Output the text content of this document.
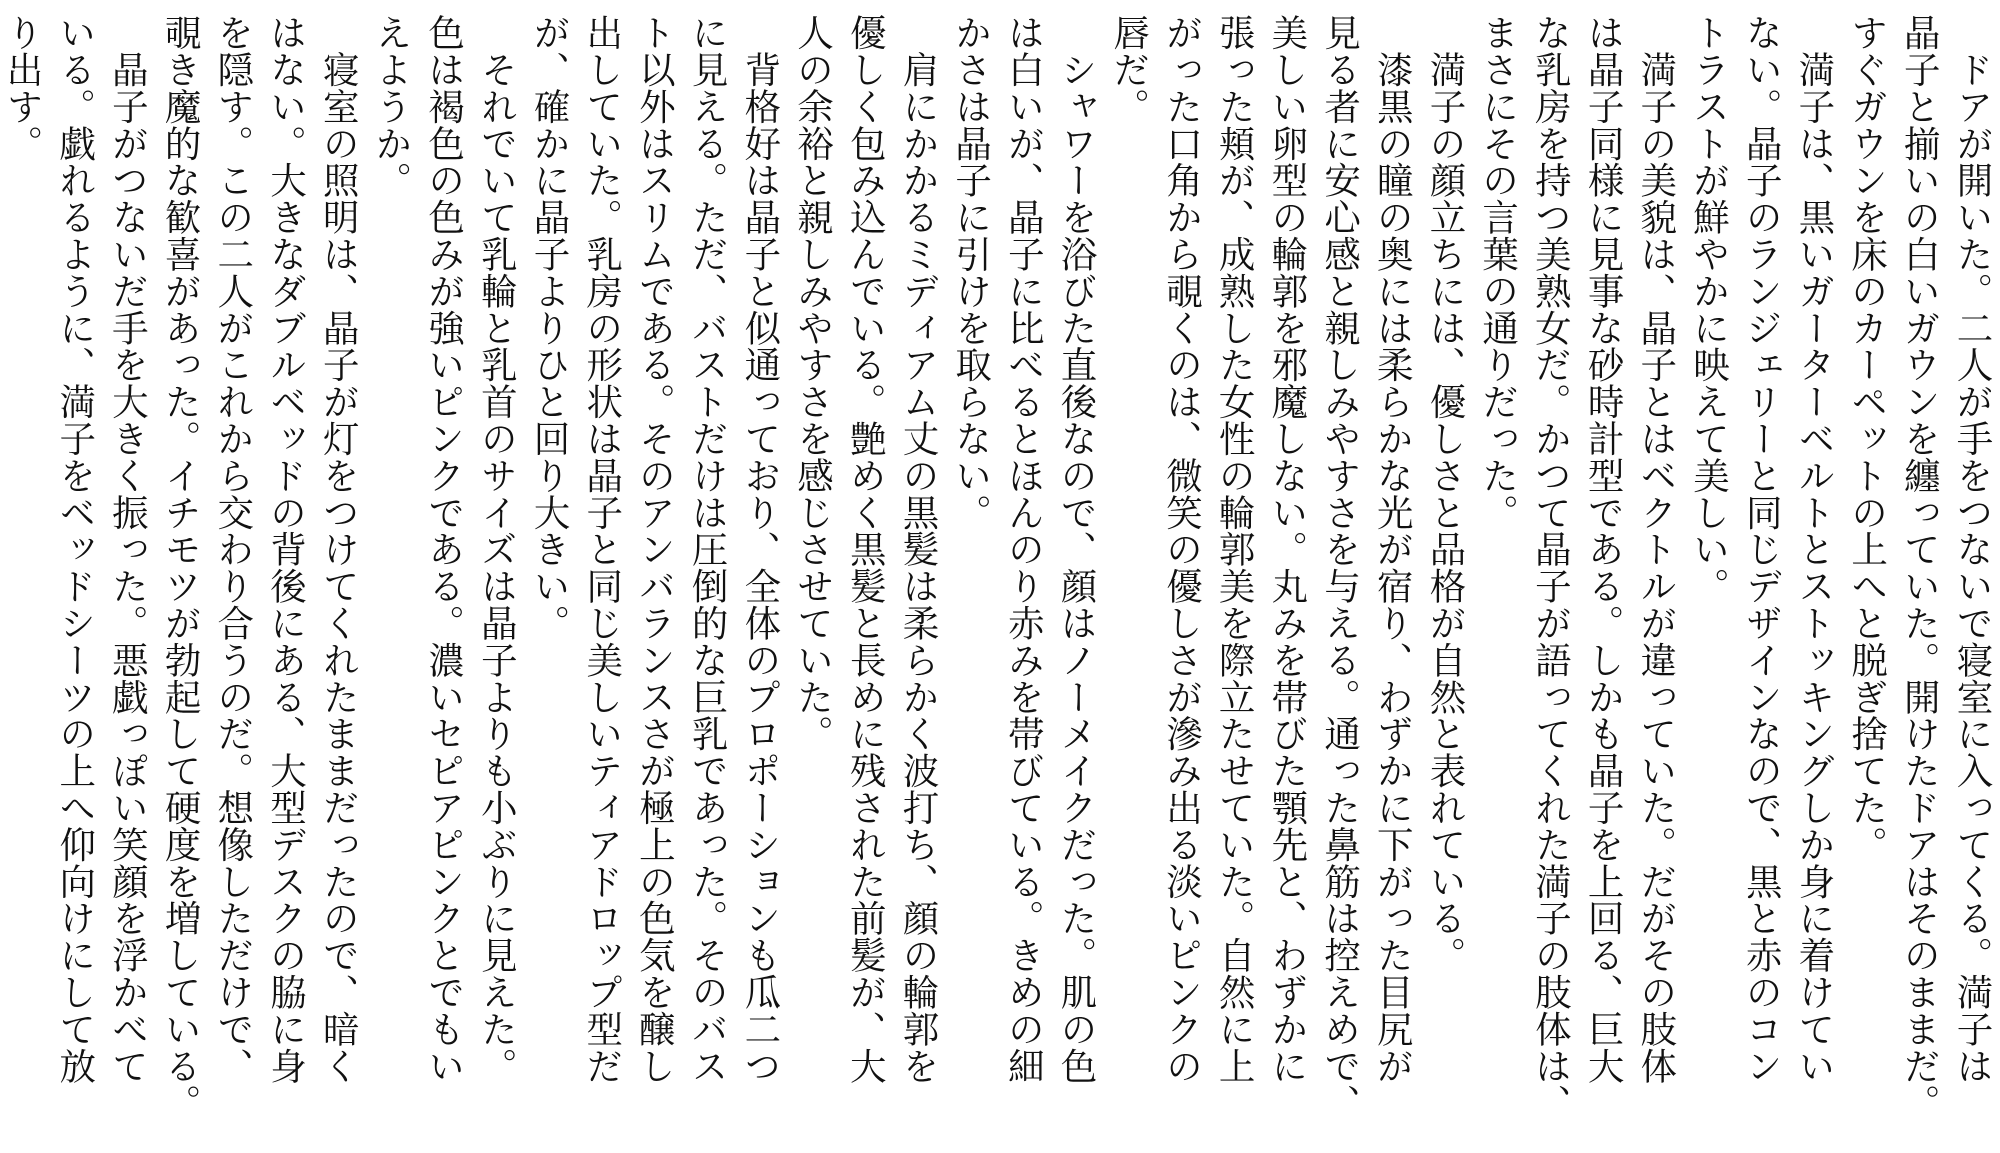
　ドアが開いた。二人が手をつないで寝室に入ってくる。満子は

晶子と揃いの白いガウンを纏っていた。開けたドアはそのままだ。

すぐガウンを床のカーペットの上へと脱ぎ捨てた。

　満子は、黒いガーターベルトとストッキングしか身に着けてい

ない。晶子のランジェリーと同じデザインなので、黒と赤のコン

トラストが鮮やかに映えて美しい。

　満子の美貌は、晶子とはベクトルが違っていた。だがその肢体

は晶子同様に見事な砂時計型である。しかも晶子を上回る、巨大

な乳房を持つ美熟女だ。かつて晶子が語ってくれた満子の肢体は、

まさにその言葉の通りだった。

　満子の顔立ちには、優しさと品格が自然と表れている。

　漆黒の瞳の奥には柔らかな光が宿り、わずかに下がった目尻が

見る者に安心感と親しみやすさを与える。通った鼻筋は控えめで、

美しい卵型の輪郭を邪魔しない。丸みを帯びた顎先と、わずかに

張った頬が、成熟した女性の輪郭美を際立たせていた。自然に上

がった口角から覗くのは、微笑の優しさが滲み出る淡いピンクの

唇だ。

　シャワーを浴びた直後なので、顔はノーメイクだった。肌の色

は白いが、晶子に比べるとほんのり赤みを帯びている。きめの細

かさは晶子に引けを取らない。

　肩にかかるミディアム丈の黒髪は柔らかく波打ち、顔の輪郭を

優しく包み込んでいる。艶めく黒髪と長めに残された前髪が、大

人の余裕と親しみやすさを感じさせていた。

　背格好は晶子と似通っており、全体のプロポーションも瓜二つ

に見える。ただ、バストだけは圧倒的な巨乳であった。そのバス

ト以外はスリムである。そのアンバランスさが極上の色気を醸し

出していた。乳房の形状は晶子と同じ美しいティアドロップ型だ

が、確かに晶子よりひと回り大きい。

　それでいて乳輪と乳首のサイズは晶子よりも小ぶりに見えた。

色は褐色の色みが強いピンクである。濃いセピアピンクとでもい

えようか。

　寝室の照明は、晶子が灯をつけてくれたままだったので、暗く

はない。大きなダブルベッドの背後にある、大型デスクの脇に身

を隠す。この二人がこれから交わり合うのだ。想像しただけで、

覗き魔的な歓喜があった。イチモツが勃起して硬度を増している。

　晶子がつないだ手を大きく振った。悪戯っぽい笑顔を浮かべて

いる。戯れるように、満子をベッドシーツの上へ仰向けにして放

り出す。
